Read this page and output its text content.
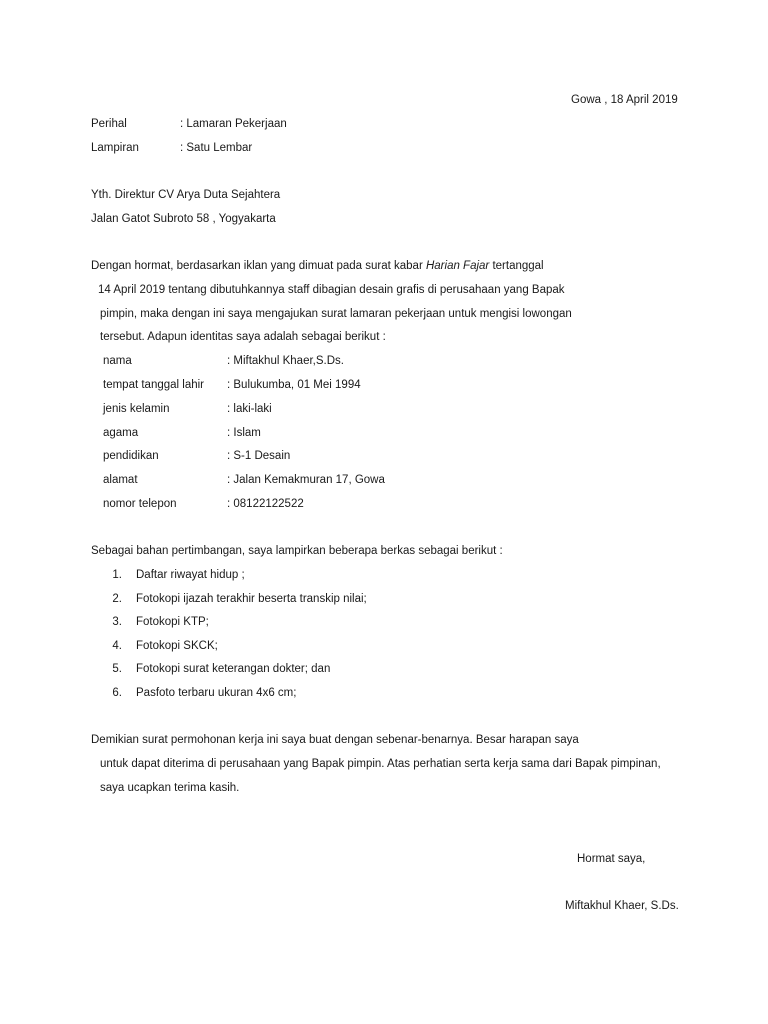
Gowa , 18 April 2019
Perihal	: Lamaran Pekerjaan
Lampiran	: Satu Lembar
Yth. Direktur CV Arya Duta Sejahtera
Jalan Gatot Subroto 58 , Yogyakarta
Dengan hormat, berdasarkan iklan yang dimuat pada surat kabar Harian Fajar tertanggal
14 April 2019 tentang dibutuhkannya staff dibagian desain grafis di perusahaan yang Bapak
pimpin, maka dengan ini saya mengajukan surat lamaran pekerjaan untuk mengisi lowongan
tersebut. Adapun identitas saya adalah sebagai berikut :
nama	: Miftakhul Khaer,S.Ds.
tempat tanggal lahir : Bulukumba, 01 Mei 1994
jenis kelamin	: laki-laki
agama	: Islam
pendidikan	: S-1 Desain
alamat	: Jalan Kemakmuran 17, Gowa
nomor telepon	: 08122122522
Sebagai bahan pertimbangan, saya lampirkan beberapa berkas sebagai berikut :
1. Daftar riwayat hidup ;
2. Fotokopi ijazah terakhir beserta transkip nilai;
3. Fotokopi KTP;
4. Fotokopi SKCK;
5. Fotokopi surat keterangan dokter; dan
6. Pasfoto terbaru ukuran 4x6 cm;
Demikian surat permohonan kerja ini saya buat dengan sebenar-benarnya. Besar harapan saya
untuk dapat diterima di perusahaan yang Bapak pimpin. Atas perhatian serta kerja sama dari Bapak pimpinan,
saya ucapkan terima kasih.
Hormat saya,
Miftakhul Khaer, S.Ds.
